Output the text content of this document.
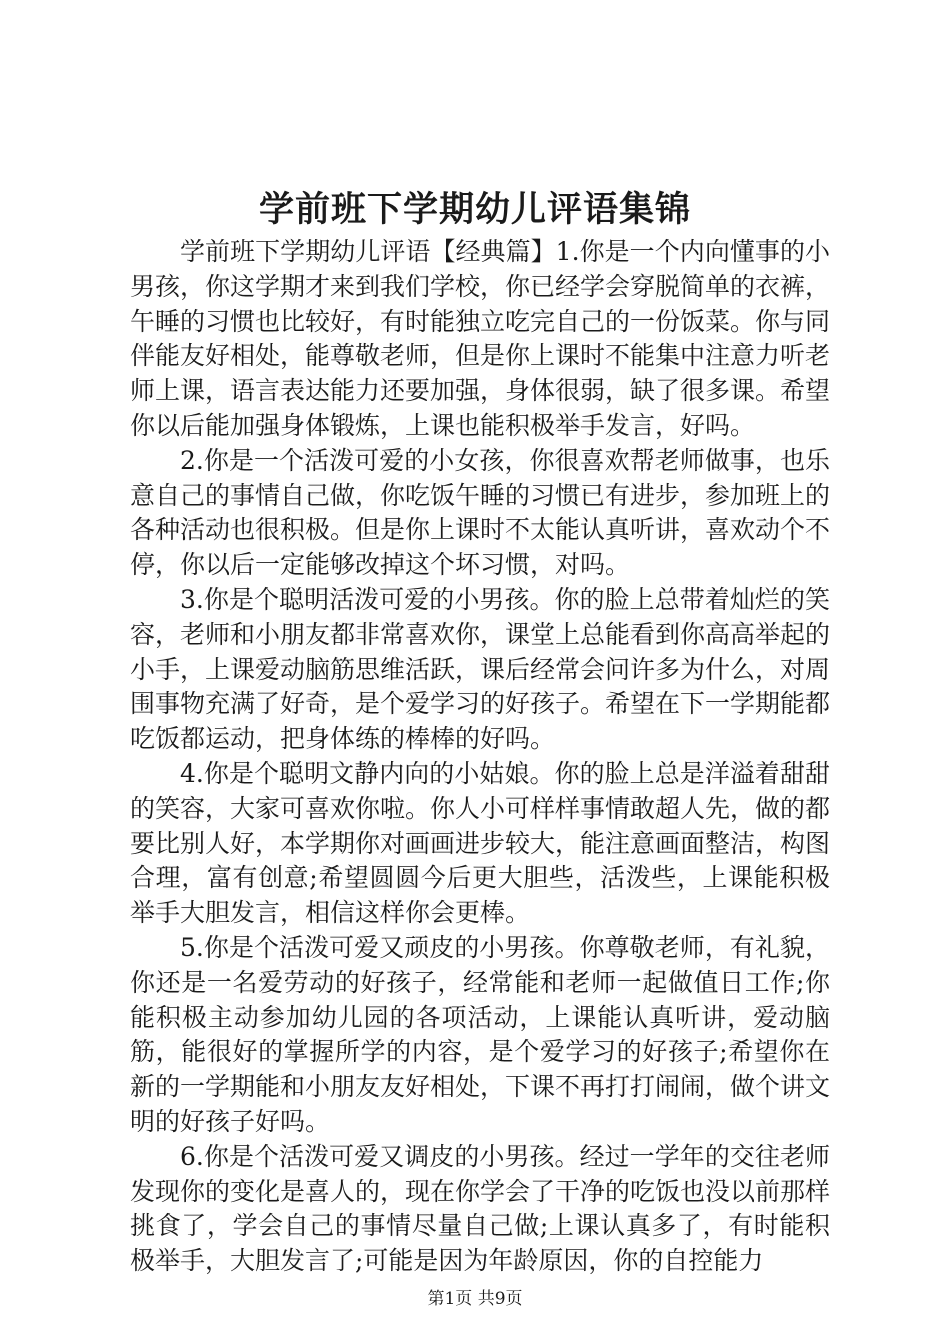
学前班下学期幼儿评语集锦

学前班下学期幼儿评语【经典篇】1.你是一个内向懂事的小男孩，你这学期才来到我们学校，你已经学会穿脱简单的衣裤，午睡的习惯也比较好，有时能独立吃完自己的一份饭菜。你与同伴能友好相处，能尊敬老师，但是你上课时不能集中注意力听老师上课，语言表达能力还要加强，身体很弱，缺了很多课。希望你以后能加强身体锻炼，上课也能积极举手发言，好吗。

2.你是一个活泼可爱的小女孩，你很喜欢帮老师做事，也乐意自己的事情自己做，你吃饭午睡的习惯已有进步，参加班上的各种活动也很积极。但是你上课时不太能认真听讲，喜欢动个不停，你以后一定能够改掉这个坏习惯，对吗。

3.你是个聪明活泼可爱的小男孩。你的脸上总带着灿烂的笑容，老师和小朋友都非常喜欢你，课堂上总能看到你高高举起的小手，上课爱动脑筋思维活跃，课后经常会问许多为什么，对周围事物充满了好奇，是个爱学习的好孩子。希望在下一学期能都吃饭都运动，把身体练的棒棒的好吗。

4.你是个聪明文静内向的小姑娘。你的脸上总是洋溢着甜甜的笑容，大家可喜欢你啦。你人小可样样事情敢超人先，做的都要比别人好，本学期你对画画进步较大，能注意画面整洁，构图合理，富有创意;希望圆圆今后更大胆些，活泼些，上课能积极举手大胆发言，相信这样你会更棒。

5.你是个活泼可爱又顽皮的小男孩。你尊敬老师，有礼貌，你还是一名爱劳动的好孩子，经常能和老师一起做值日工作;你能积极主动参加幼儿园的各项活动，上课能认真听讲，爱动脑筋，能很好的掌握所学的内容，是个爱学习的好孩子;希望你在新的一学期能和小朋友友好相处，下课不再打打闹闹，做个讲文明的好孩子好吗。

6.你是个活泼可爱又调皮的小男孩。经过一学年的交往老师发现你的变化是喜人的，现在你学会了干净的吃饭也没以前那样挑食了，学会自己的事情尽量自己做;上课认真多了，有时能积极举手，大胆发言了;可能是因为年龄原因，你的自控能力

第1页 共9页
